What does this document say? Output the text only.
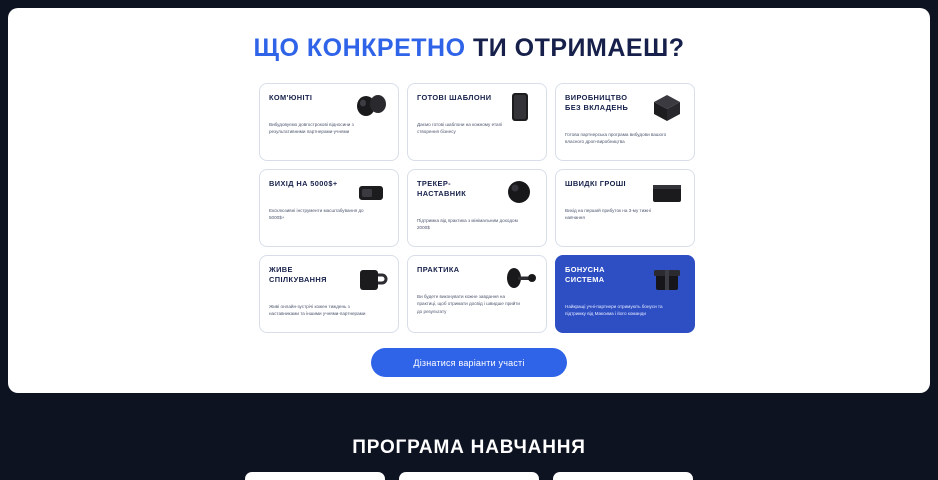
ЩО КОНКРЕТНО ТИ ОТРИМАЕШ?
КОМ'ЮНІТІ
Вибудовуємо довгострокові відносини з результативними партнерами-учнями
ГОТОВІ ШАБЛОНИ
Даємо готові шаблони на кожному етапі створення бізнесу
ВИРОБНИЦТВО БЕЗ ВКЛАДЕНЬ
Готова партнерська програма вибудови вашого власного дроп-виробництва
ВИХІД НА 5000$+
Ексклюзивні інструменти масштабування до 5000$+
ТРЕКЕР-НАСТАВНИК
Підтримка від практика з мінімальним доходом 2000$
ШВИДКІ ГРОШІ
Вихід на перший прибуток на 3-му тижні навчання
ЖИВЕ СПІЛКУВАННЯ
Живі онлайн-зустрічі кожен тиждень з наставниками та іншими учнями-партнерами
ПРАКТИКА
Ви будете виконувати кожне завдання на практиці, щоб отримати досвід і швидше прийти до результату
БОНУСНА СИСТЕМА
Найкращі учні-партнери отримують бонуси та підтримку від Максима і його команди
Дізнатися варіанти участі
ПРОГРАМА НАВЧАННЯ
